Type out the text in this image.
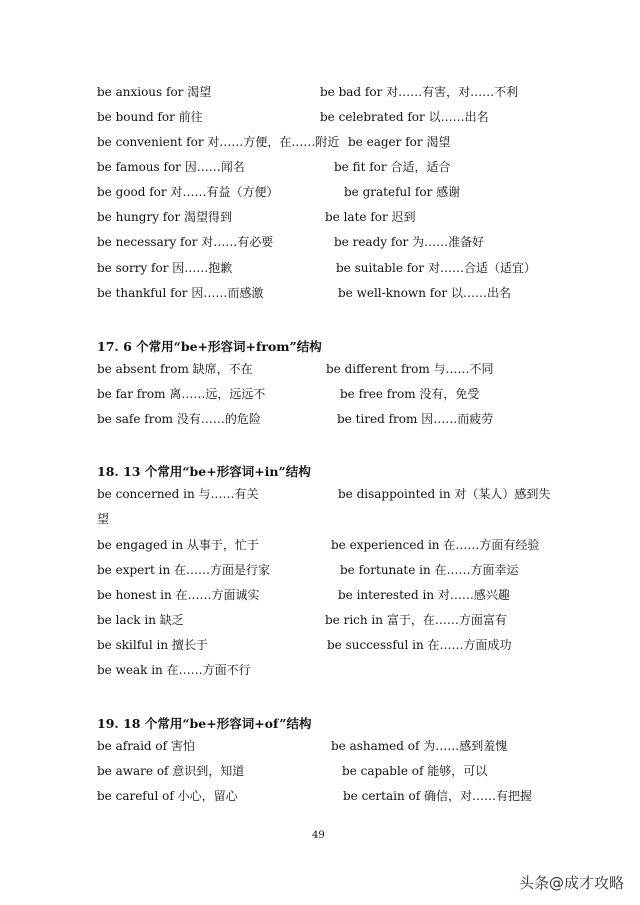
be anxious for 渴望	be bad for 对……有害，对……不利
be bound for 前往	be celebrated for 以……出名
be convenient for 对……方便，在……附近 be eager for 渴望
be famous for 因……闻名	be fit for 合适，适合
be good for 对……有益（方便）	be grateful for 感谢
be hungry for 渴望得到	be late for 迟到
be necessary for 对……有必要	be ready for 为……准备好
be sorry for 因……抱歉	be suitable for 对……合适（适宜）
be thankful for 因……而感激	be well-known for 以……出名
17. 6 个常用“be+形容词+from”结构
be absent from 缺席，不在	be different from 与……不同
be far from 离……远，远远不	be free from 没有，免受
be safe from 没有……的危险	be tired from 因……而疲劳
18. 13 个常用“be+形容词+in”结构
be concerned in 与……有关	be disappointed in 对（某人）感到失
望
be engaged in 从事于，忙于	be experienced in 在……方面有经验
be expert in 在……方面是行家	be fortunate in 在……方面幸运
be honest in 在……方面诚实	be interested in 对……感兴趣
be lack in 缺乏	be rich in 富于，在……方面富有
be skilful in 擅长于	be successful in 在……方面成功
be weak in 在……方面不行
19. 18 个常用“be+形容词+of”结构
be afraid of 害怕	be ashamed of 为……感到羞愧
be aware of 意识到，知道	be capable of 能够，可以
be careful of 小心，留心	be certain of 确信，对……有把握
49
头条@成才攻略
